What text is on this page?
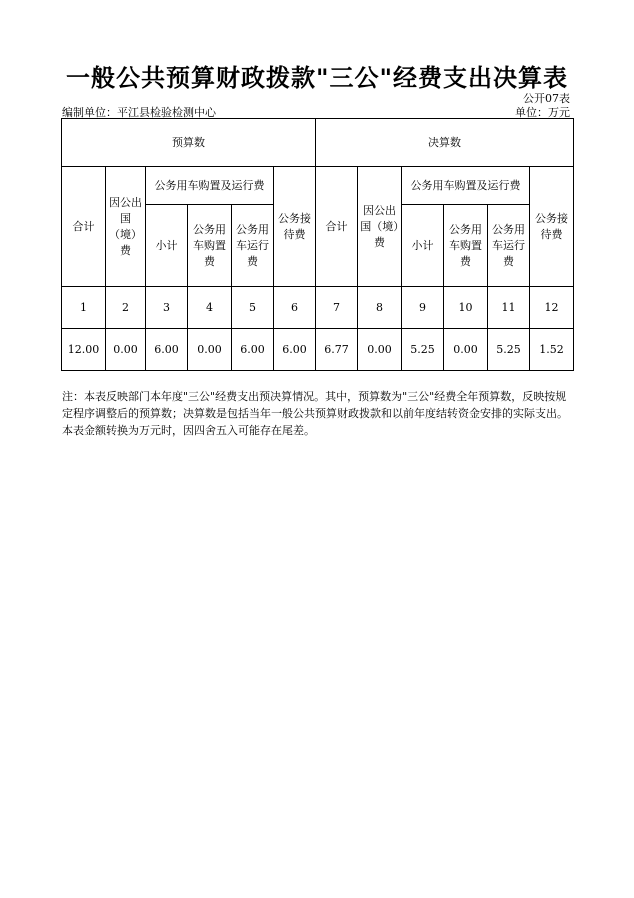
一般公共预算财政拨款"三公"经费支出决算表
公开07表
编制单位：平江县检验检测中心	单位：万元
预算数						决算数					
合计	因公出国（境）费	公务用车购置及运行费			公务接待费	合计	因公出国（境）费	公务用车购置及运行费			公务接待费
		小计	公务用车购置费	公务用车运行费				小计	公务用车购置费	公务用车运行费	
1	2	3	4	5	6	7	8	9	10	11	12
12.00	0.00	6.00	0.00	6.00	6.00	6.77	0.00	5.25	0.00	5.25	1.52
注：本表反映部门本年度"三公"经费支出预决算情况。其中，预算数为"三公"经费全年预算数，反映按规定程序调整后的预算数；决算数是包括当年一般公共预算财政拨款和以前年度结转资金安排的实际支出。本表金额转换为万元时，因四舍五入可能存在尾差。
